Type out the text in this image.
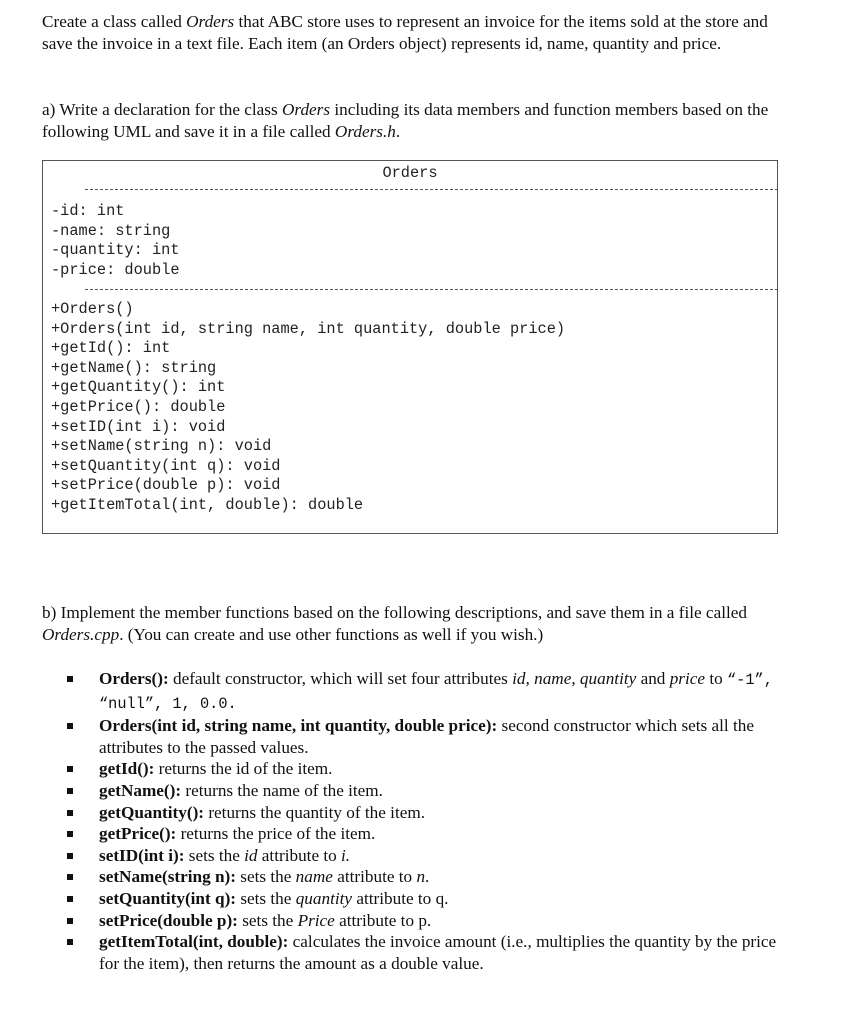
Create a class called Orders that ABC store uses to represent an invoice for the items sold at the store and save the invoice in a text file. Each item (an Orders object) represents id, name, quantity and price.
a) Write a declaration for the class Orders including its data members and function members based on the following UML and save it in a file called Orders.h.
Orders
-id: int
-name: string
-quantity: int
-price: double
+Orders()
+Orders(int id, string name, int quantity, double price)
+getId(): int
+getName(): string
+getQuantity(): int
+getPrice(): double
+setID(int i): void
+setName(string n): void
+setQuantity(int q): void
+setPrice(double p): void
+getItemTotal(int, double): double
b) Implement the member functions based on the following descriptions, and save them in a file called Orders.cpp. (You can create and use other functions as well if you wish.)
Orders(): default constructor, which will set four attributes id, name, quantity and price to “-1”, “null”, 1, 0.0.
Orders(int id, string name, int quantity, double price): second constructor which sets all the attributes to the passed values.
getId(): returns the id of the item.
getName(): returns the name of the item.
getQuantity(): returns the quantity of the item.
getPrice(): returns the price of the item.
setID(int i): sets the id attribute to i.
setName(string n): sets the name attribute to n.
setQuantity(int q): sets the quantity attribute to q.
setPrice(double p): sets the Price attribute to p.
getItemTotal(int, double): calculates the invoice amount (i.e., multiplies the quantity by the price for the item), then returns the amount as a double value.
